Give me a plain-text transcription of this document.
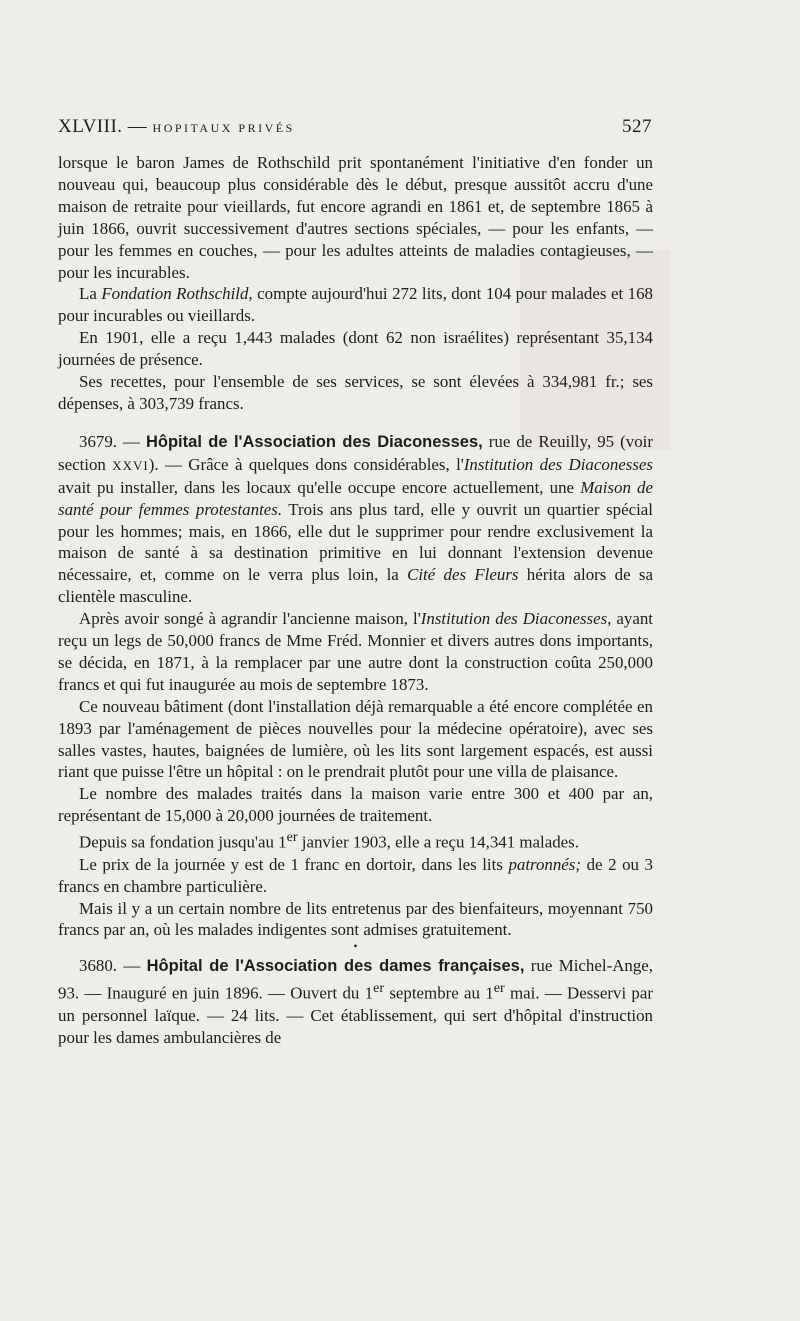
XLVIII. — HOPITAUX PRIVÉS	527

lorsque le baron James de Rothschild prit spontanément l'initiative d'en fonder un nouveau qui, beaucoup plus considérable dès le début, presque aussitôt accru d'une maison de retraite pour vieillards, fut encore agrandi en 1861 et, de septembre 1865 à juin 1866, ouvrit successivement d'autres sections spéciales, — pour les enfants, — pour les femmes en couches, — pour les adultes atteints de maladies contagieuses, — pour les incurables.

La Fondation Rothschild, compte aujourd'hui 272 lits, dont 104 pour malades et 168 pour incurables ou vieillards.

En 1901, elle a reçu 1,443 malades (dont 62 non israélites) représentant 35,134 journées de présence.

Ses recettes, pour l'ensemble de ses services, se sont élevées à 334,981 fr.; ses dépenses, à 303,739 francs.

3679. — Hôpital de l'Association des Diaconesses, rue de Reuilly, 95 (voir section XXVI). — Grâce à quelques dons considérables, l'Institution des Diaconesses avait pu installer, dans les locaux qu'elle occupe encore actuellement, une Maison de santé pour femmes protestantes. Trois ans plus tard, elle y ouvrit un quartier spécial pour les hommes; mais, en 1866, elle dut le supprimer pour rendre exclusivement la maison de santé à sa destination primitive en lui donnant l'extension devenue nécessaire, et, comme on le verra plus loin, la Cité des Fleurs hérita alors de sa clientèle masculine.

Après avoir songé à agrandir l'ancienne maison, l'Institution des Diaconesses, ayant reçu un legs de 50,000 francs de Mme Fréd. Monnier et divers autres dons importants, se décida, en 1871, à la remplacer par une autre dont la construction coûta 250,000 francs et qui fut inaugurée au mois de septembre 1873.

Ce nouveau bâtiment (dont l'installation déjà remarquable a été encore complétée en 1893 par l'aménagement de pièces nouvelles pour la médecine opératoire), avec ses salles vastes, hautes, baignées de lumière, où les lits sont largement espacés, est aussi riant que puisse l'être un hôpital : on le prendrait plutôt pour une villa de plaisance.

Le nombre des malades traités dans la maison varie entre 300 et 400 par an, représentant de 15,000 à 20,000 journées de traitement.

Depuis sa fondation jusqu'au 1er janvier 1903, elle a reçu 14,341 malades.

Le prix de la journée y est de 1 franc en dortoir, dans les lits patronnés; de 2 ou 3 francs en chambre particulière.

Mais il y a un certain nombre de lits entretenus par des bienfaiteurs, moyennant 750 francs par an, où les malades indigentes sont admises gratuitement.

•

3680. — Hôpital de l'Association des dames françaises, rue Michel-Ange, 93. — Inauguré en juin 1896. — Ouvert du 1er septembre au 1er mai. — Desservi par un personnel laïque. — 24 lits. — Cet établissement, qui sert d'hôpital d'instruction pour les dames ambulancières de
